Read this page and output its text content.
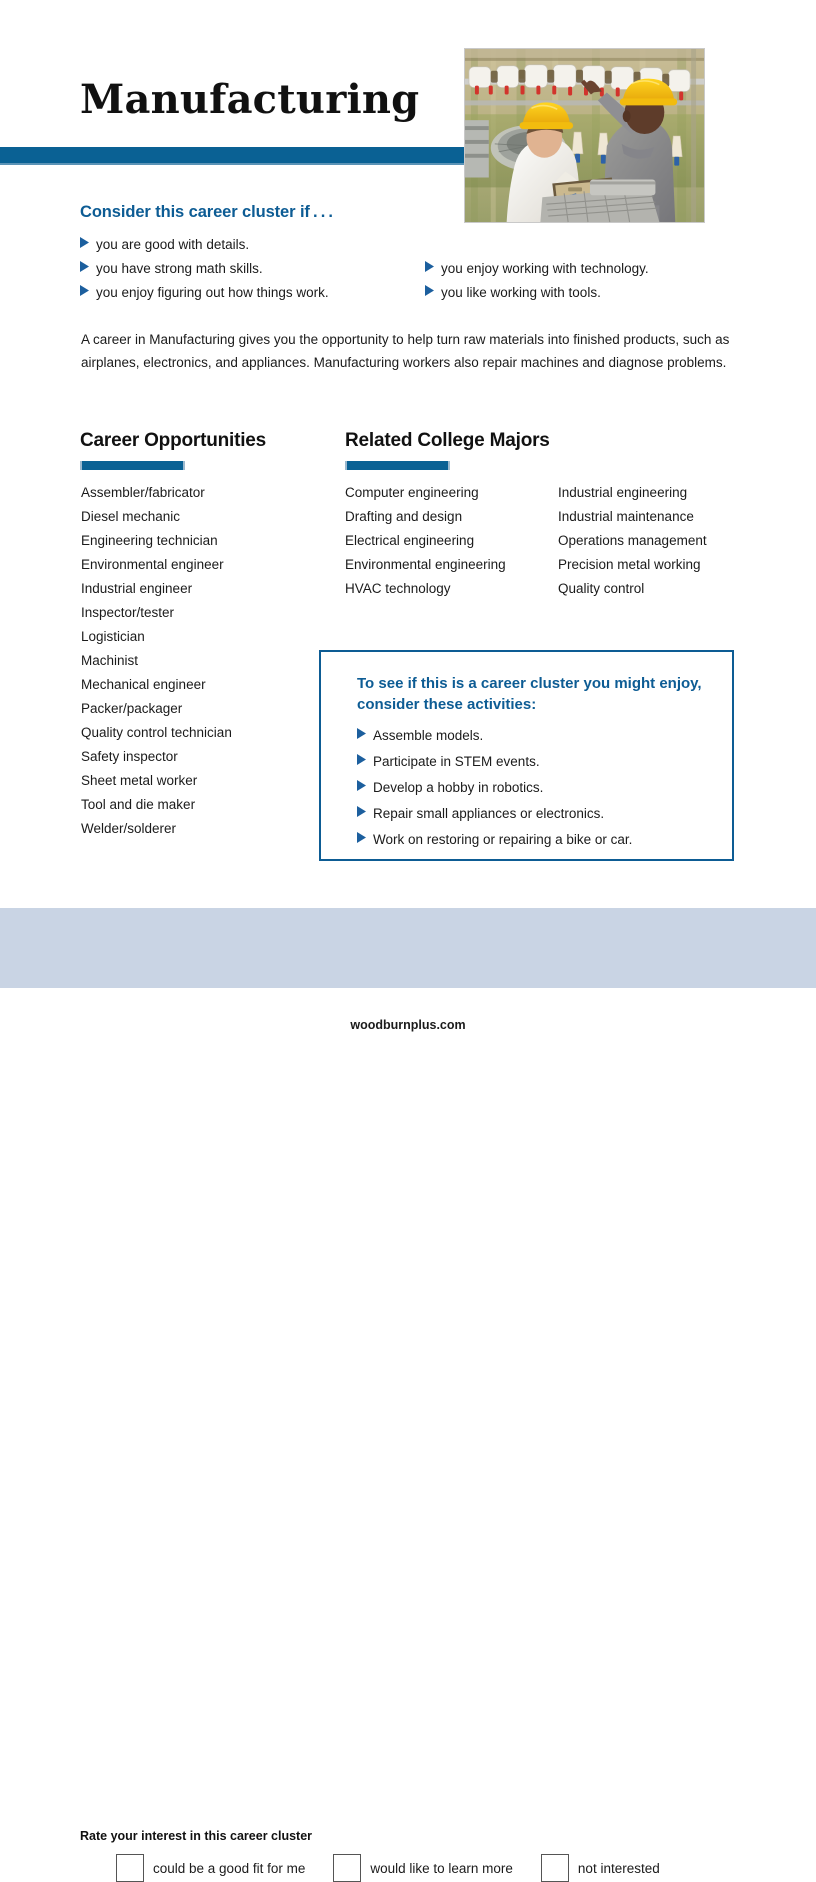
Manufacturing
Consider this career cluster if . . .
you are good with details.
you have strong math skills.
you enjoy figuring out how things work.
you enjoy working with technology.
you like working with tools.
A career in Manufacturing gives you the opportunity to help turn raw materials into finished products, such as airplanes, electronics, and appliances. Manufacturing workers also repair machines and diagnose problems.
Career Opportunities	Related College Majors
Assembler/fabricator
Diesel mechanic
Engineering technician
Environmental engineer
Industrial engineer
Inspector/tester
Logistician
Machinist
Mechanical engineer
Packer/packager
Quality control technician
Safety inspector
Sheet metal worker
Tool and die maker
Welder/solderer
Computer engineering
Drafting and design
Electrical engineering
Environmental engineering
HVAC technology
Industrial engineering
Industrial maintenance
Operations management
Precision metal working
Quality control
To see if this is a career cluster you might enjoy, consider these activities:
Assemble models.
Participate in STEM events.
Develop a hobby in robotics.
Repair small appliances or electronics.
Work on restoring or repairing a bike or car.
Rate your interest in this career cluster
could be a good fit for me	would like to learn more	not interested
woodburnplus.com
